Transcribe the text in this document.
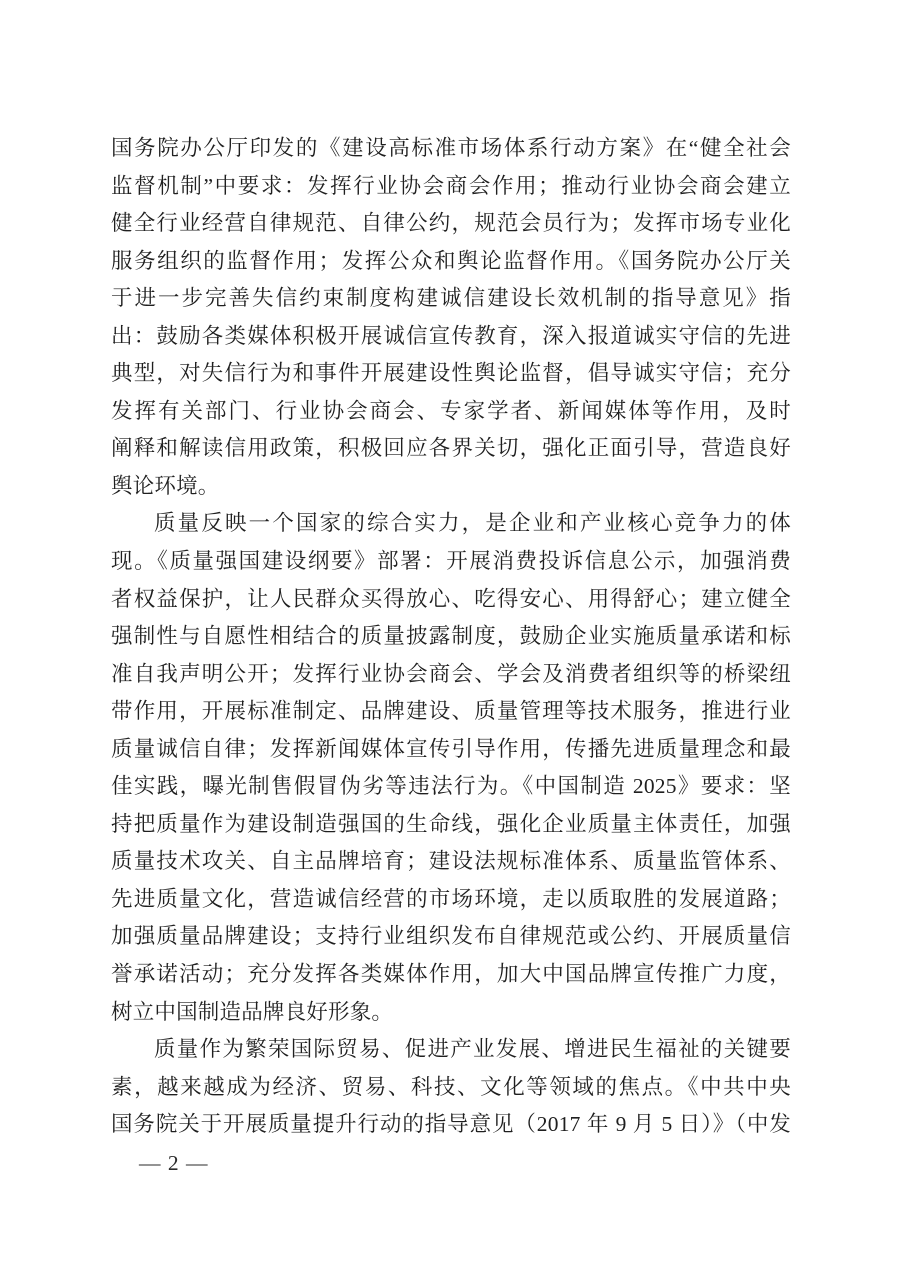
国务院办公厅印发的《建设高标准市场体系行动方案》在“健全社会
监督机制”中要求：发挥行业协会商会作用；推动行业协会商会建立
健全行业经营自律规范、自律公约，规范会员行为；发挥市场专业化
服务组织的监督作用；发挥公众和舆论监督作用。《国务院办公厅关
于进一步完善失信约束制度构建诚信建设长效机制的指导意见》指
出：鼓励各类媒体积极开展诚信宣传教育，深入报道诚实守信的先进
典型，对失信行为和事件开展建设性舆论监督，倡导诚实守信；充分
发挥有关部门、行业协会商会、专家学者、新闻媒体等作用，及时
阐释和解读信用政策，积极回应各界关切，强化正面引导，营造良好
舆论环境。
质量反映一个国家的综合实力，是企业和产业核心竞争力的体
现。《质量强国建设纲要》部署：开展消费投诉信息公示，加强消费
者权益保护，让人民群众买得放心、吃得安心、用得舒心；建立健全
强制性与自愿性相结合的质量披露制度，鼓励企业实施质量承诺和标
准自我声明公开；发挥行业协会商会、学会及消费者组织等的桥梁纽
带作用，开展标准制定、品牌建设、质量管理等技术服务，推进行业
质量诚信自律；发挥新闻媒体宣传引导作用，传播先进质量理念和最
佳实践，曝光制售假冒伪劣等违法行为。《中国制造 2025》要求：坚
持把质量作为建设制造强国的生命线，强化企业质量主体责任，加强
质量技术攻关、自主品牌培育；建设法规标准体系、质量监管体系、
先进质量文化，营造诚信经营的市场环境，走以质取胜的发展道路；
加强质量品牌建设；支持行业组织发布自律规范或公约、开展质量信
誉承诺活动；充分发挥各类媒体作用，加大中国品牌宣传推广力度，
树立中国制造品牌良好形象。
质量作为繁荣国际贸易、促进产业发展、增进民生福祉的关键要
素，越来越成为经济、贸易、科技、文化等领域的焦点。《中共中央
国务院关于开展质量提升行动的指导意见（2017 年 9 月 5 日）》（中发
— 2 —
